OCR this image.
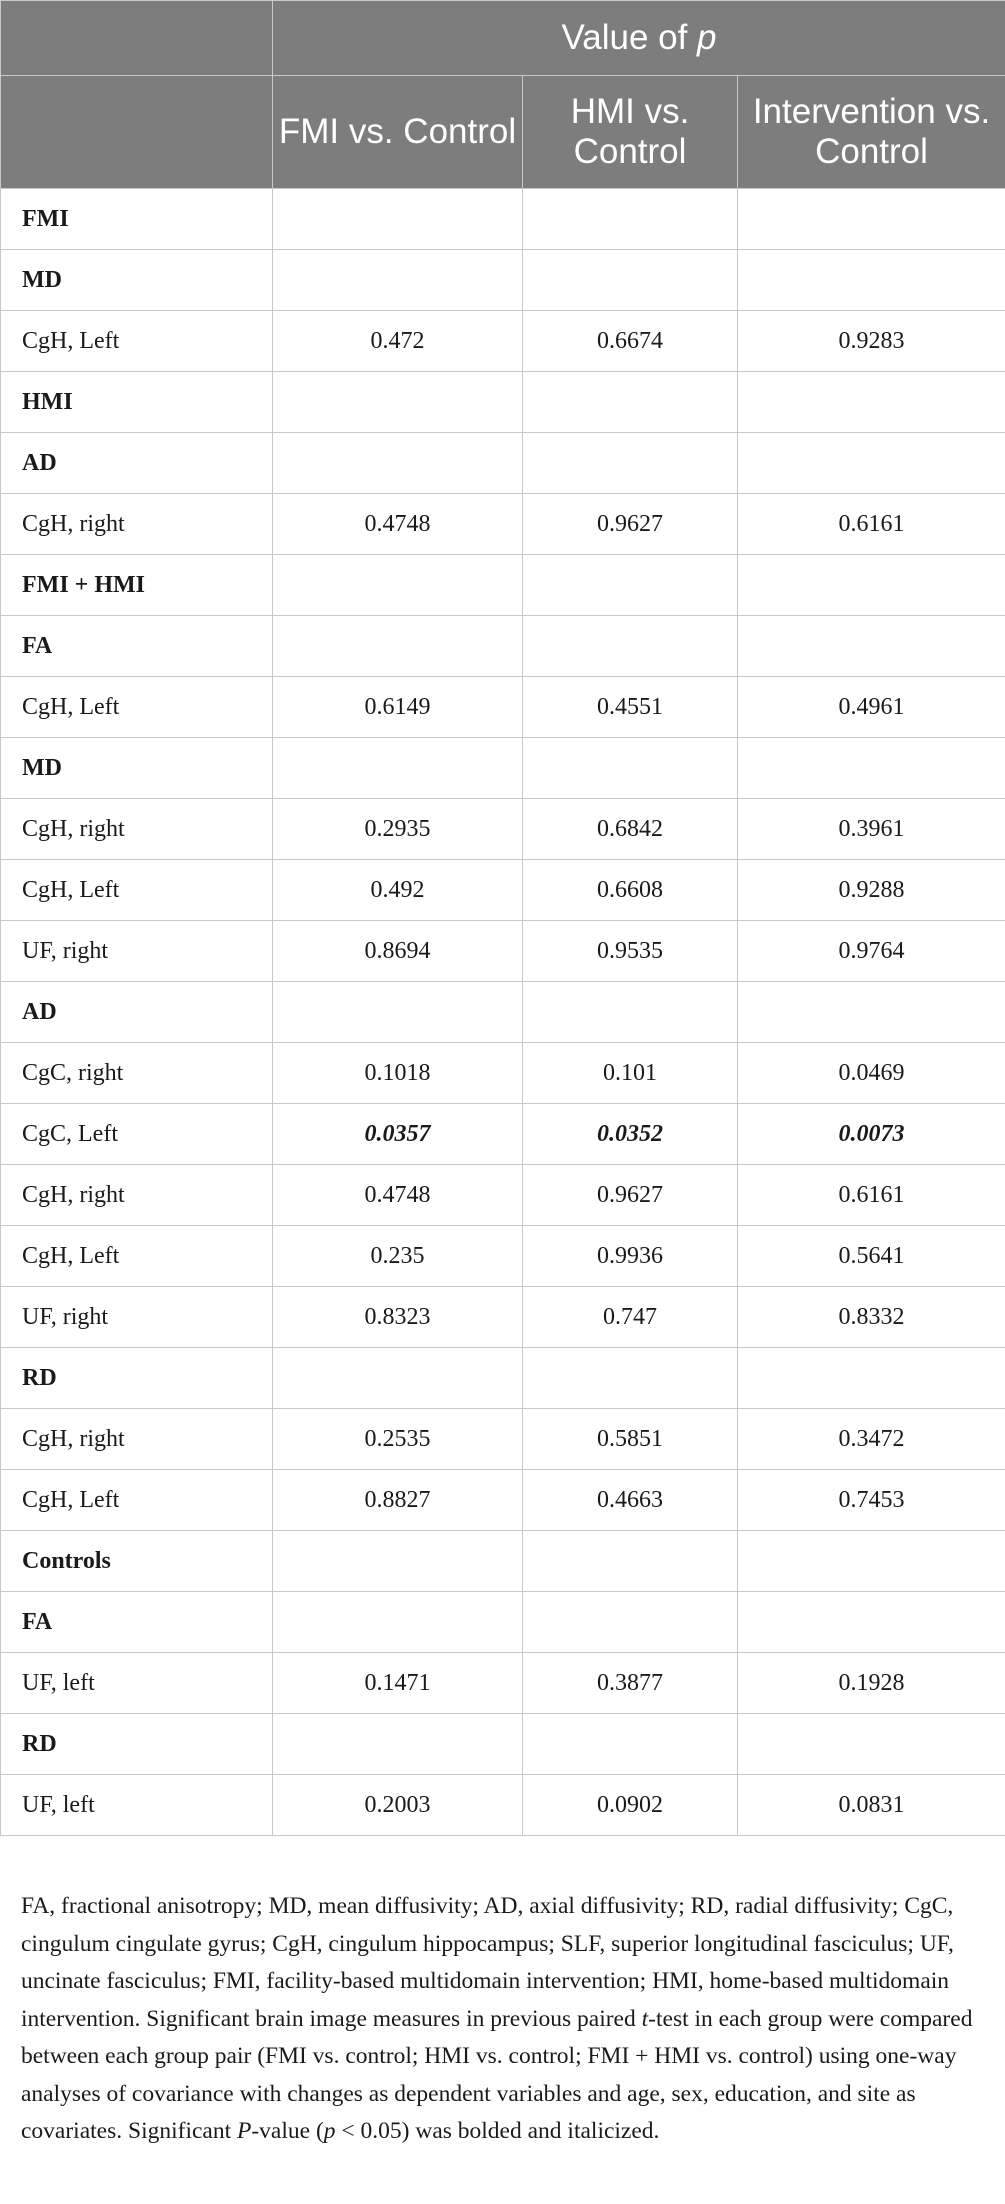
	Value of p		
	FMI vs. Control	HMI vs. Control	Intervention vs. Control
FMI			
MD			
CgH, Left	0.472	0.6674	0.9283
HMI			
AD			
CgH, right	0.4748	0.9627	0.6161
FMI + HMI			
FA			
CgH, Left	0.6149	0.4551	0.4961
MD			
CgH, right	0.2935	0.6842	0.3961
CgH, Left	0.492	0.6608	0.9288
UF, right	0.8694	0.9535	0.9764
AD			
CgC, right	0.1018	0.101	0.0469
CgC, Left	0.0357	0.0352	0.0073
CgH, right	0.4748	0.9627	0.6161
CgH, Left	0.235	0.9936	0.5641
UF, right	0.8323	0.747	0.8332
RD			
CgH, right	0.2535	0.5851	0.3472
CgH, Left	0.8827	0.4663	0.7453
Controls			
FA			
UF, left	0.1471	0.3877	0.1928
RD			
UF, left	0.2003	0.0902	0.0831
FA, fractional anisotropy; MD, mean diffusivity; AD, axial diffusivity; RD, radial diffusivity; CgC, cingulum cingulate gyrus; CgH, cingulum hippocampus; SLF, superior longitudinal fasciculus; UF, uncinate fasciculus; FMI, facility-based multidomain intervention; HMI, home-based multidomain intervention. Significant brain image measures in previous paired t-test in each group were compared between each group pair (FMI vs. control; HMI vs. control; FMI + HMI vs. control) using one-way analyses of covariance with changes as dependent variables and age, sex, education, and site as covariates. Significant P-value (p < 0.05) was bolded and italicized.
